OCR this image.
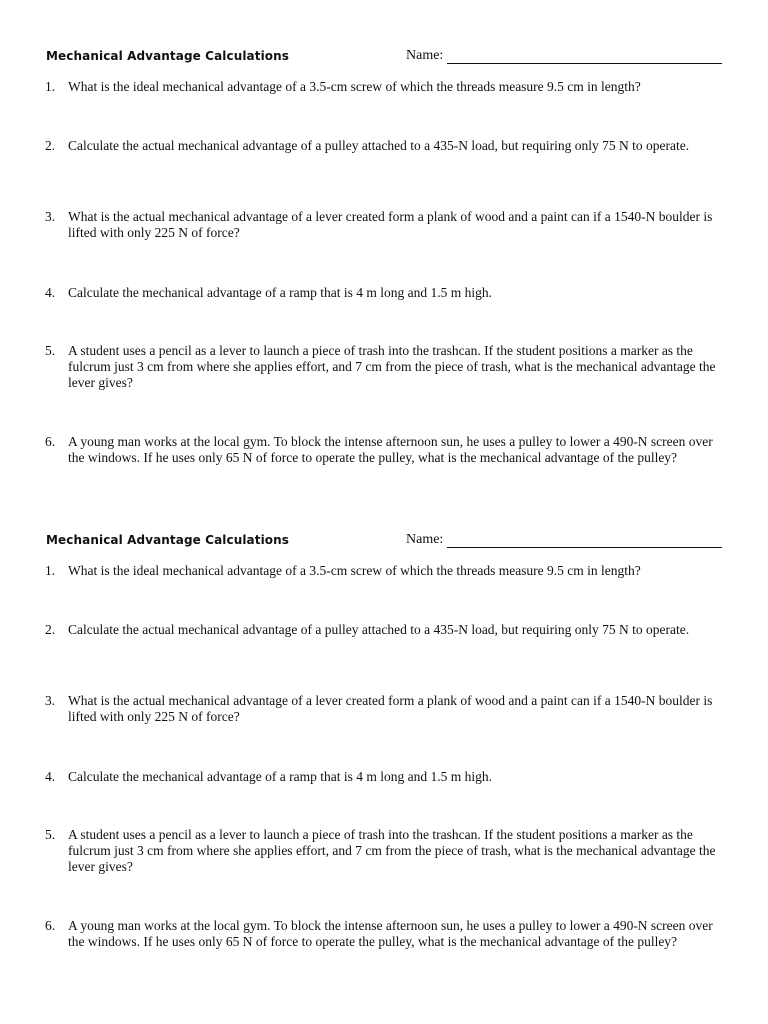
Mechanical Advantage Calculations	Name:
1. What is the ideal mechanical advantage of a 3.5-cm screw of which the threads measure 9.5 cm in length?
2. Calculate the actual mechanical advantage of a pulley attached to a 435-N load, but requiring only 75 N to operate.
3. What is the actual mechanical advantage of a lever created form a plank of wood and a paint can if a 1540-N boulder is lifted with only 225 N of force?
4. Calculate the mechanical advantage of a ramp that is 4 m long and 1.5 m high.
5. A student uses a pencil as a lever to launch a piece of trash into the trashcan. If the student positions a marker as the fulcrum just 3 cm from where she applies effort, and 7 cm from the piece of trash, what is the mechanical advantage the lever gives?
6. A young man works at the local gym. To block the intense afternoon sun, he uses a pulley to lower a 490-N screen over the windows. If he uses only 65 N of force to operate the pulley, what is the mechanical advantage of the pulley?
Mechanical Advantage Calculations	Name:
1. What is the ideal mechanical advantage of a 3.5-cm screw of which the threads measure 9.5 cm in length?
2. Calculate the actual mechanical advantage of a pulley attached to a 435-N load, but requiring only 75 N to operate.
3. What is the actual mechanical advantage of a lever created form a plank of wood and a paint can if a 1540-N boulder is lifted with only 225 N of force?
4. Calculate the mechanical advantage of a ramp that is 4 m long and 1.5 m high.
5. A student uses a pencil as a lever to launch a piece of trash into the trashcan. If the student positions a marker as the fulcrum just 3 cm from where she applies effort, and 7 cm from the piece of trash, what is the mechanical advantage the lever gives?
6. A young man works at the local gym. To block the intense afternoon sun, he uses a pulley to lower a 490-N screen over the windows. If he uses only 65 N of force to operate the pulley, what is the mechanical advantage of the pulley?
